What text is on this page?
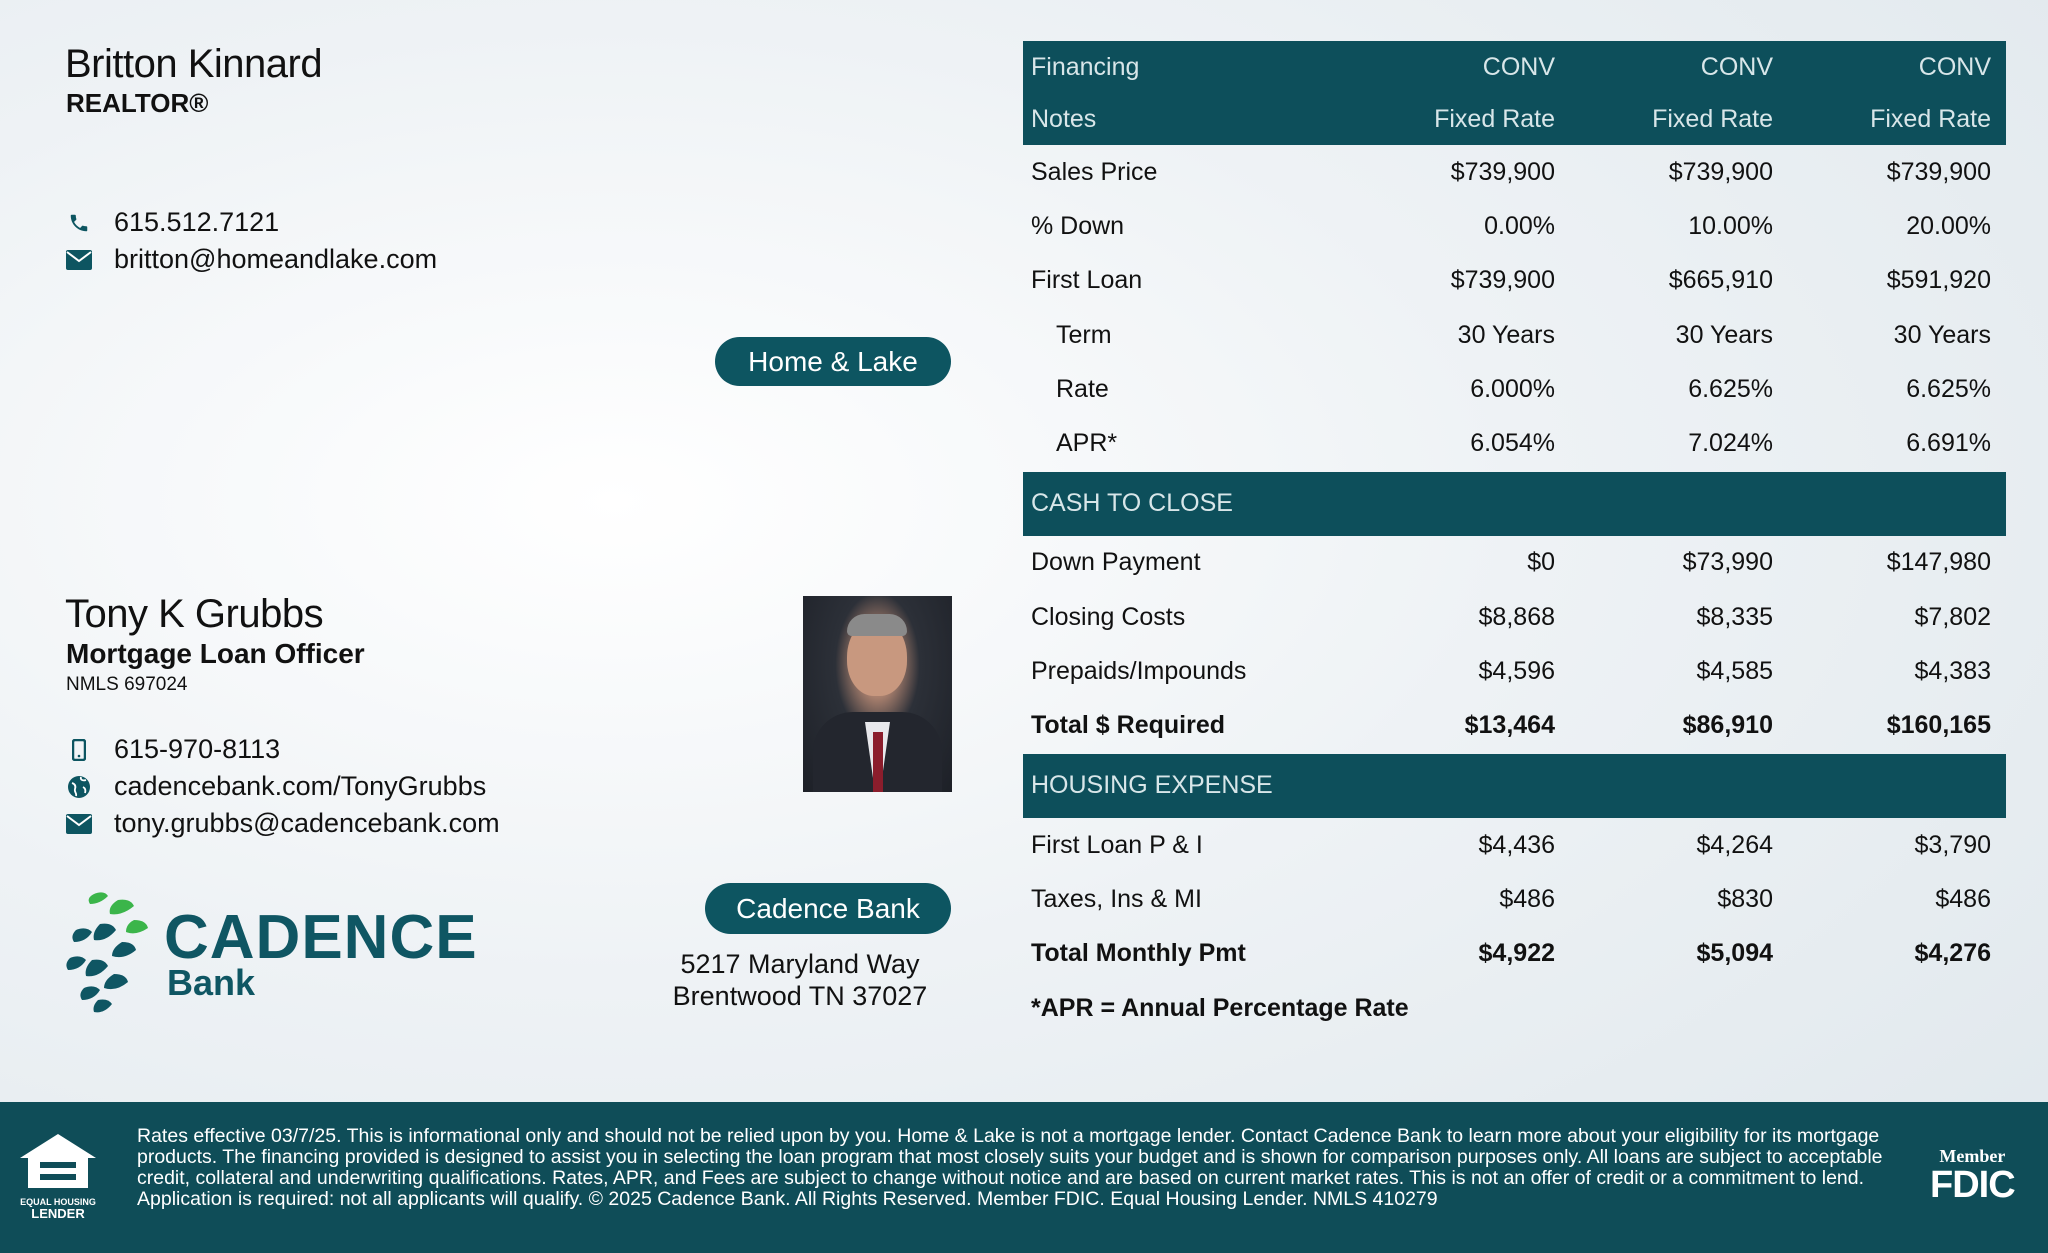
Britton Kinnard
REALTOR®
615.512.7121
britton@homeandlake.com
Home & Lake
Tony K Grubbs
Mortgage Loan Officer
NMLS 697024
615-970-8113
cadencebank.com/TonyGrubbs
tony.grubbs@cadencebank.com
CADENCE
Bank
Cadence Bank
5217 Maryland Way
Brentwood TN 37027
Financing	CONV	CONV	CONV
Notes	Fixed Rate	Fixed Rate	Fixed Rate
Sales Price	$739,900	$739,900	$739,900
% Down	0.00%	10.00%	20.00%
First Loan	$739,900	$665,910	$591,920
Term	30 Years	30 Years	30 Years
Rate	6.000%	6.625%	6.625%
APR*	6.054%	7.024%	6.691%
CASH TO CLOSE
Down Payment	$0	$73,990	$147,980
Closing Costs	$8,868	$8,335	$7,802
Prepaids/Impounds	$4,596	$4,585	$4,383
Total $ Required	$13,464	$86,910	$160,165
HOUSING EXPENSE
First Loan P & I	$4,436	$4,264	$3,790
Taxes, Ins & MI	$486	$830	$486
Total Monthly Pmt	$4,922	$5,094	$4,276
*APR = Annual Percentage Rate
EQUAL HOUSING
LENDER
Rates effective 03/7/25. This is informational only and should not be relied upon by you. Home & Lake is not a mortgage lender. Contact Cadence Bank to learn more about your eligibility for its mortgage products. The financing provided is designed to assist you in selecting the loan program that most closely suits your budget and is shown for comparison purposes only. All loans are subject to acceptable credit, collateral and underwriting qualifications. Rates, APR, and Fees are subject to change without notice and are based on current market rates. This is not an offer of credit or a commitment to lend. Application is required: not all applicants will qualify. © 2025 Cadence Bank. All Rights Reserved. Member FDIC. Equal Housing Lender. NMLS 410279
Member
FDIC
